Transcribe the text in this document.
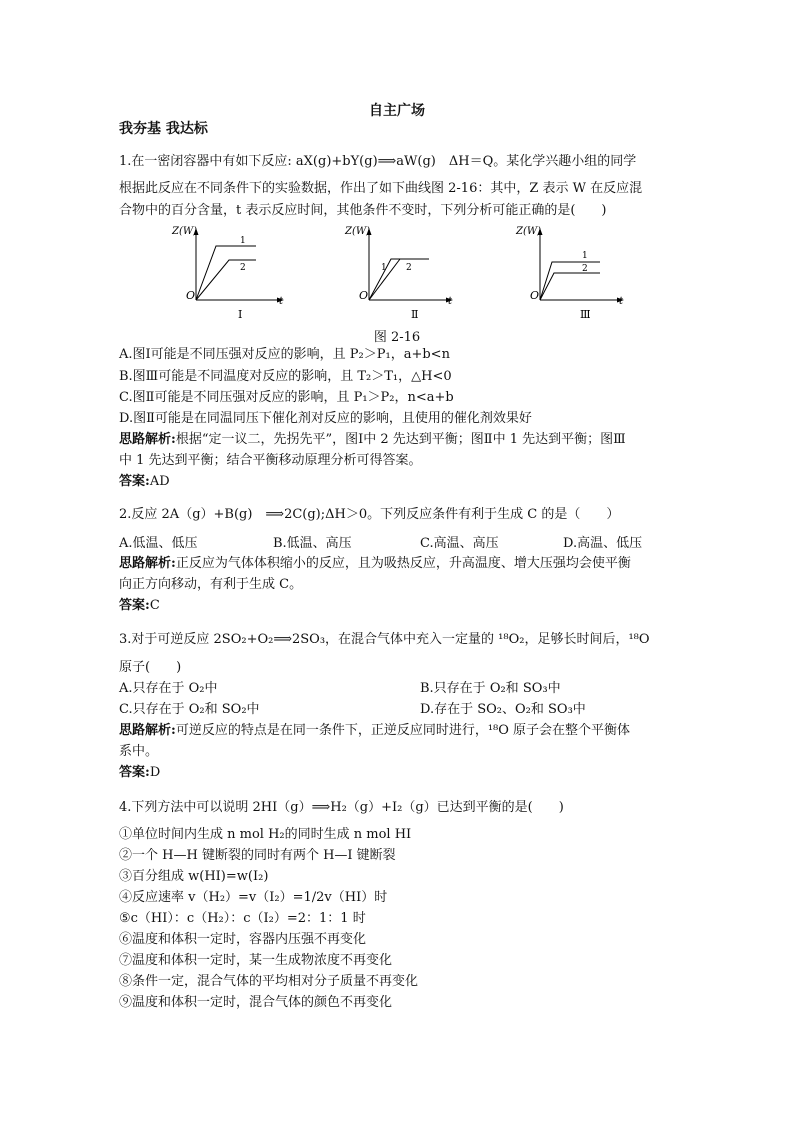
自主广场
我夯基 我达标
1.在一密闭容器中有如下反应: aX(g)+bY(g)⟹aW(g)　ΔH＝Q。某化学兴趣小组的同学
根据此反应在不同条件下的实验数据，作出了如下曲线图 2-16：其中，Z 表示 W 在反应混
合物中的百分含量，t 表示反应时间，其他条件不变时，下列分析可能正确的是(　　)
Z(W)
O	t
1
2
Ⅰ
Z(W)
O	t
1 2
Ⅱ
Z(W)
O	t
1
2
Ⅲ
图 2-16
A.图Ⅰ可能是不同压强对反应的影响，且 P₂＞P₁，a+b<n
B.图Ⅲ可能是不同温度对反应的影响，且 T₂＞T₁，△H<0
C.图Ⅱ可能是不同压强对反应的影响，且 P₁＞P₂，n<a+b
D.图Ⅱ可能是在同温同压下催化剂对反应的影响，且使用的催化剂效果好
思路解析:根据“定一议二，先拐先平”，图Ⅰ中 2 先达到平衡；图Ⅱ中 1 先达到平衡；图Ⅲ
中 1 先达到平衡；结合平衡移动原理分析可得答案。
答案:AD
2.反应 2A（g）+B(g)　⟹2C(g);ΔH＞0。下列反应条件有利于生成 C 的是（　　）
A.低温、低压	B.低温、高压	C.高温、高压	D.高温、低压
思路解析:正反应为气体体积缩小的反应，且为吸热反应，升高温度、增大压强均会使平衡
向正方向移动，有利于生成 C。
答案:C
3.对于可逆反应 2SO₂+O₂⟹2SO₃，在混合气体中充入一定量的 ¹⁸O₂，足够长时间后，¹⁸O
原子(　　)
A.只存在于 O₂中	B.只存在于 O₂和 SO₃中
C.只存在于 O₂和 SO₂中	D.存在于 SO₂、O₂和 SO₃中
思路解析:可逆反应的特点是在同一条件下，正逆反应同时进行，¹⁸O 原子会在整个平衡体
系中。
答案:D
4.下列方法中可以说明 2HI（g）⟹H₂（g）+I₂（g）已达到平衡的是(　　)
①单位时间内生成 n mol H₂的同时生成 n mol HI
②一个 H—H 键断裂的同时有两个 H—I 键断裂
③百分组成 w(HI)=w(I₂)
④反应速率 v（H₂）=v（I₂）=1/2v（HI）时
⑤c（HI）：c（H₂）：c（I₂）=2：1：1 时
⑥温度和体积一定时，容器内压强不再变化
⑦温度和体积一定时，某一生成物浓度不再变化
⑧条件一定，混合气体的平均相对分子质量不再变化
⑨温度和体积一定时，混合气体的颜色不再变化
